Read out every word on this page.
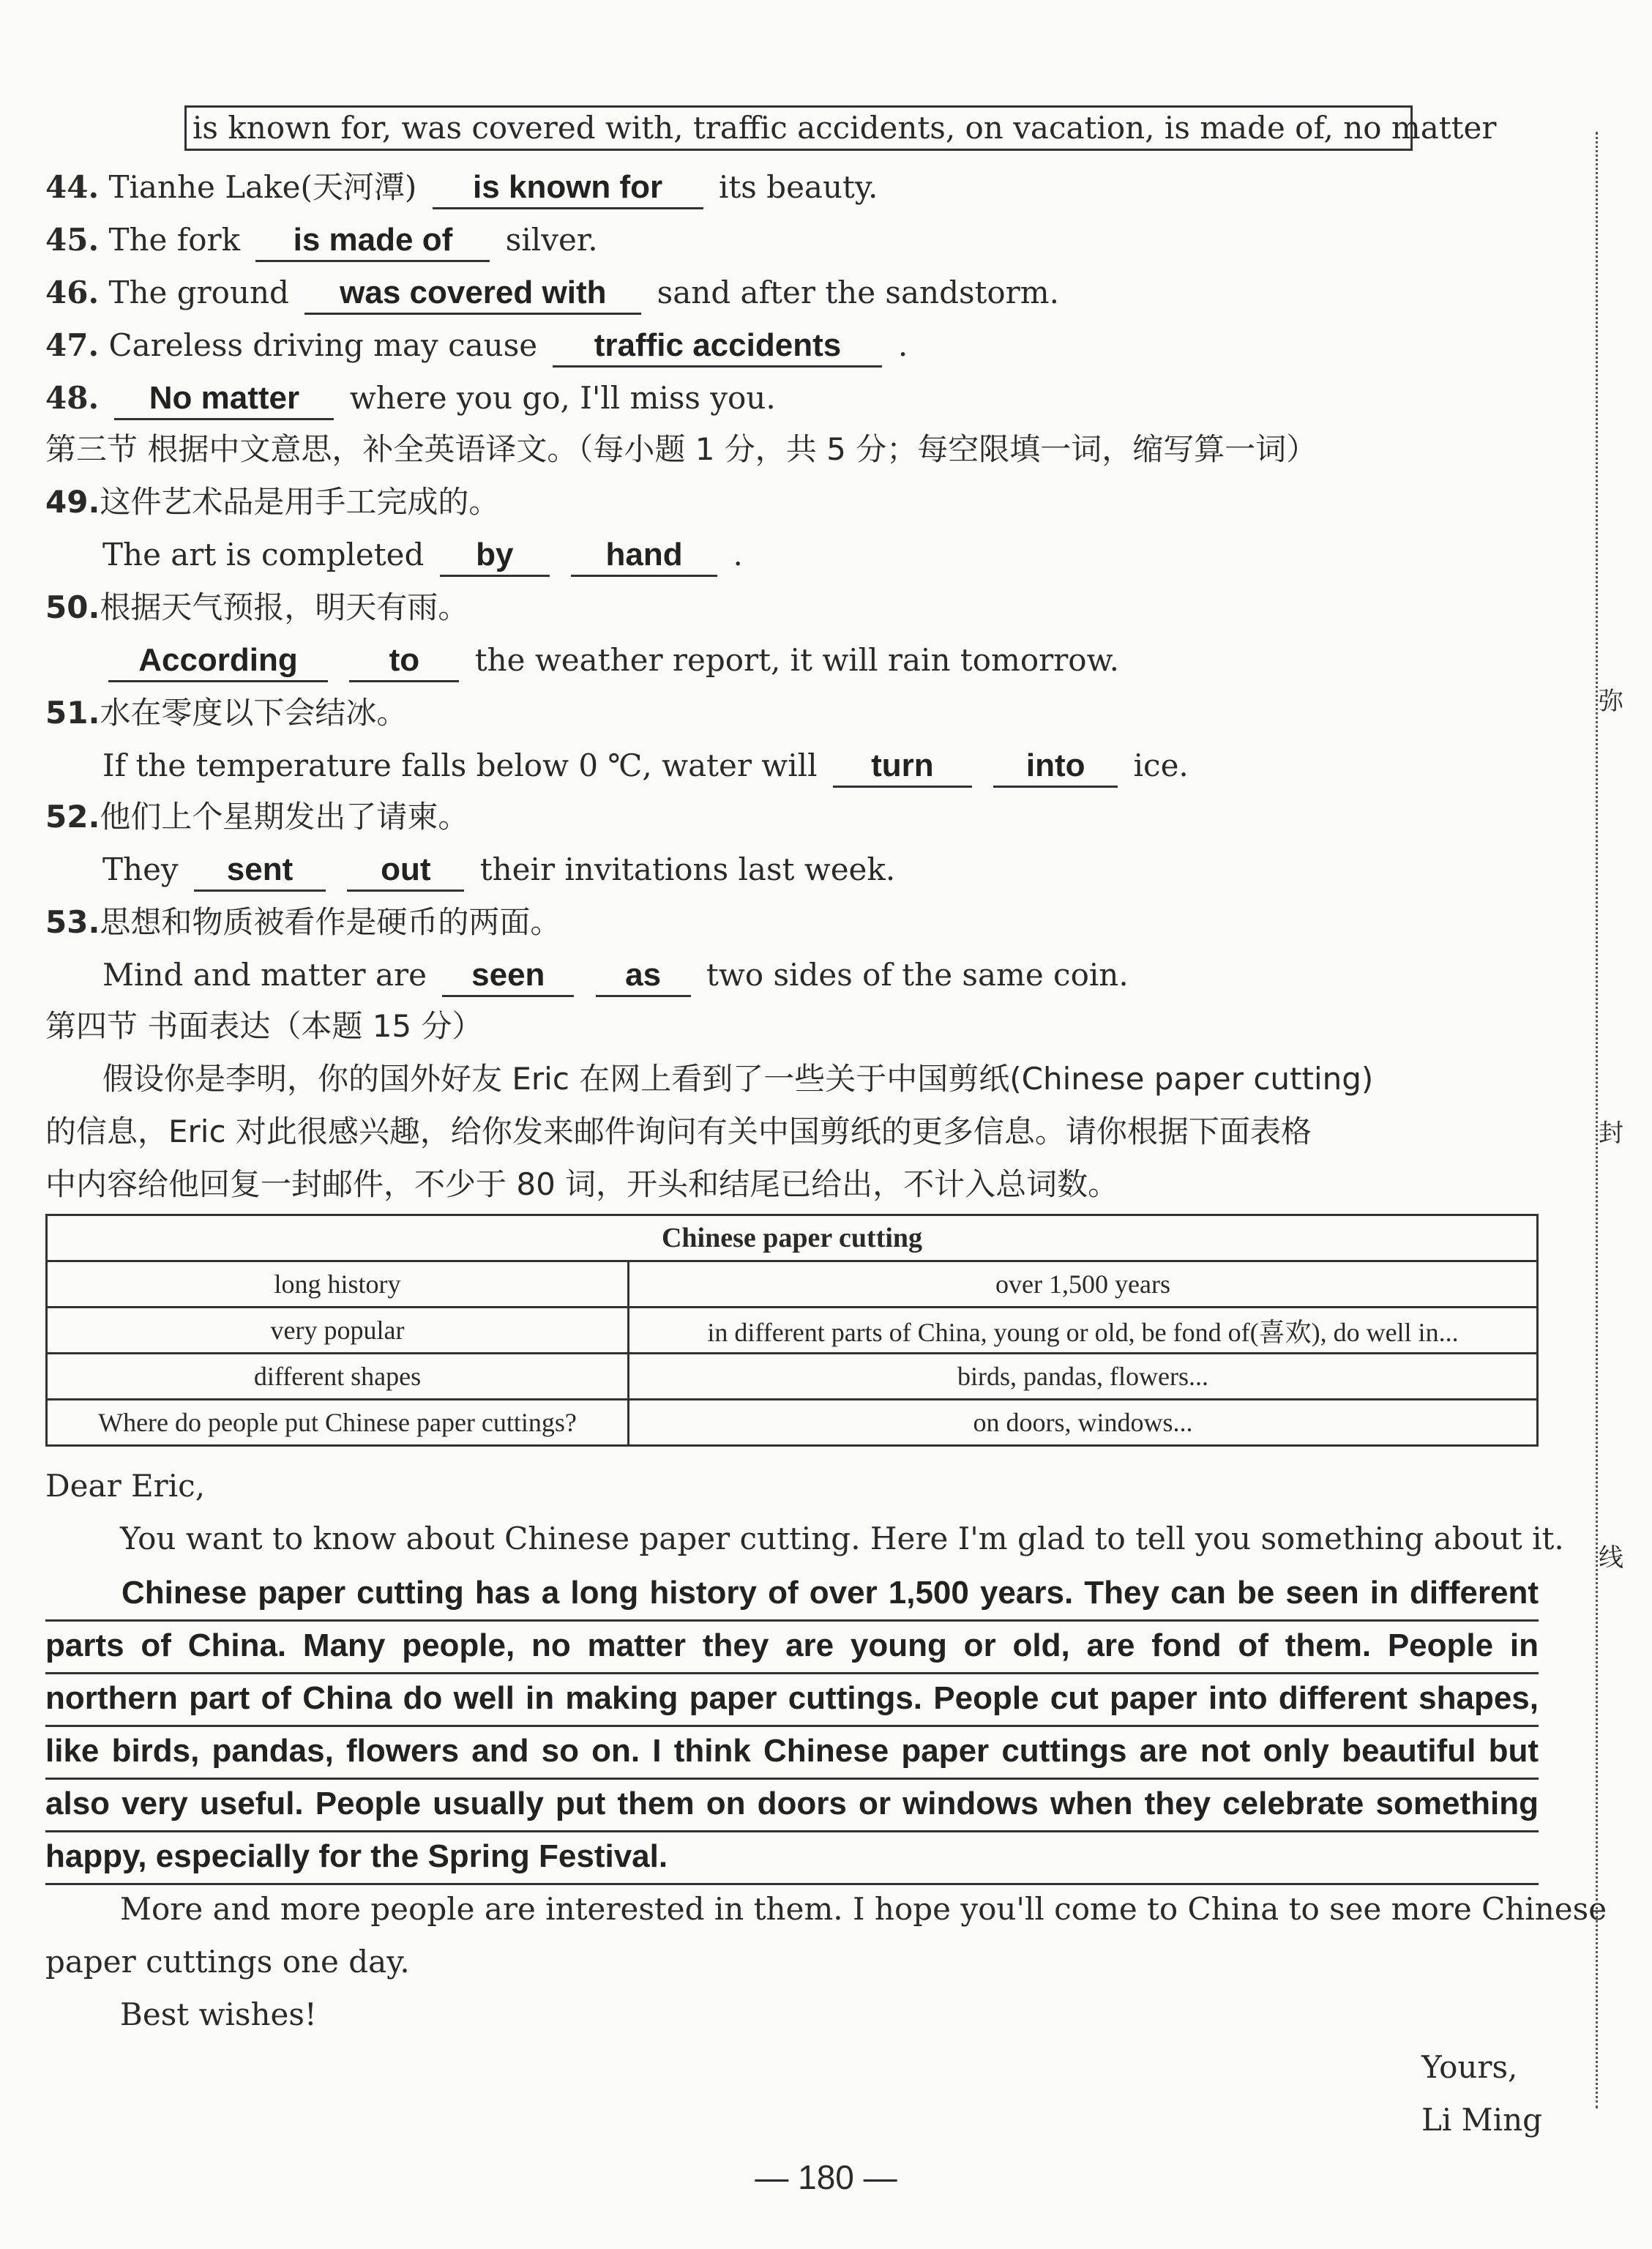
is known for, was covered with, traffic accidents, on vacation, is made of, no matter
44. Tianhe Lake(天河潭) is known for its beauty.
45. The fork is made of silver.
46. The ground was covered with sand after the sandstorm.
47. Careless driving may cause traffic accidents .
48. No matter where you go, I'll miss you.
第三节 根据中文意思，补全英语译文。（每小题 1 分，共 5 分；每空限填一词，缩写算一词）
49.这件艺术品是用手工完成的。
The art is completed by	hand .
50.根据天气预报，明天有雨。
According	to the weather report, it will rain tomorrow.
51.水在零度以下会结冰。
If the temperature falls below 0 ℃, water will turn	into ice.
52.他们上个星期发出了请柬。
They sent	out their invitations last week.
53.思想和物质被看作是硬币的两面。
Mind and matter are seen as two sides of the same coin.
第四节 书面表达（本题 15 分）
假设你是李明，你的国外好友 Eric 在网上看到了一些关于中国剪纸(Chinese paper cutting)
的信息，Eric 对此很感兴趣，给你发来邮件询问有关中国剪纸的更多信息。请你根据下面表格
中内容给他回复一封邮件，不少于 80 词，开头和结尾已给出，不计入总词数。
Chinese paper cutting	
long history	over 1,500 years
very popular	in different parts of China, young or old, be fond of(喜欢), do well in...
different shapes	birds, pandas, flowers...
Where do people put Chinese paper cuttings?	on doors, windows...
Dear Eric,
You want to know about Chinese paper cutting. Here I'm glad to tell you something about it.
Chinese paper cutting has a long history of over 1,500 years. They can be seen in different parts of China. Many people, no matter they are young or old, are fond of them. People in northern part of China do well in making paper cuttings. People cut paper into different shapes, like birds, pandas, flowers and so on. I think Chinese paper cuttings are not only beautiful but also very useful. People usually put them on doors or windows when they celebrate something happy, especially for the Spring Festival.
More and more people are interested in them. I hope you'll come to China to see more Chinese
paper cuttings one day.
Best wishes!
Yours,
Li Ming
弥
封
线
— 180 —
